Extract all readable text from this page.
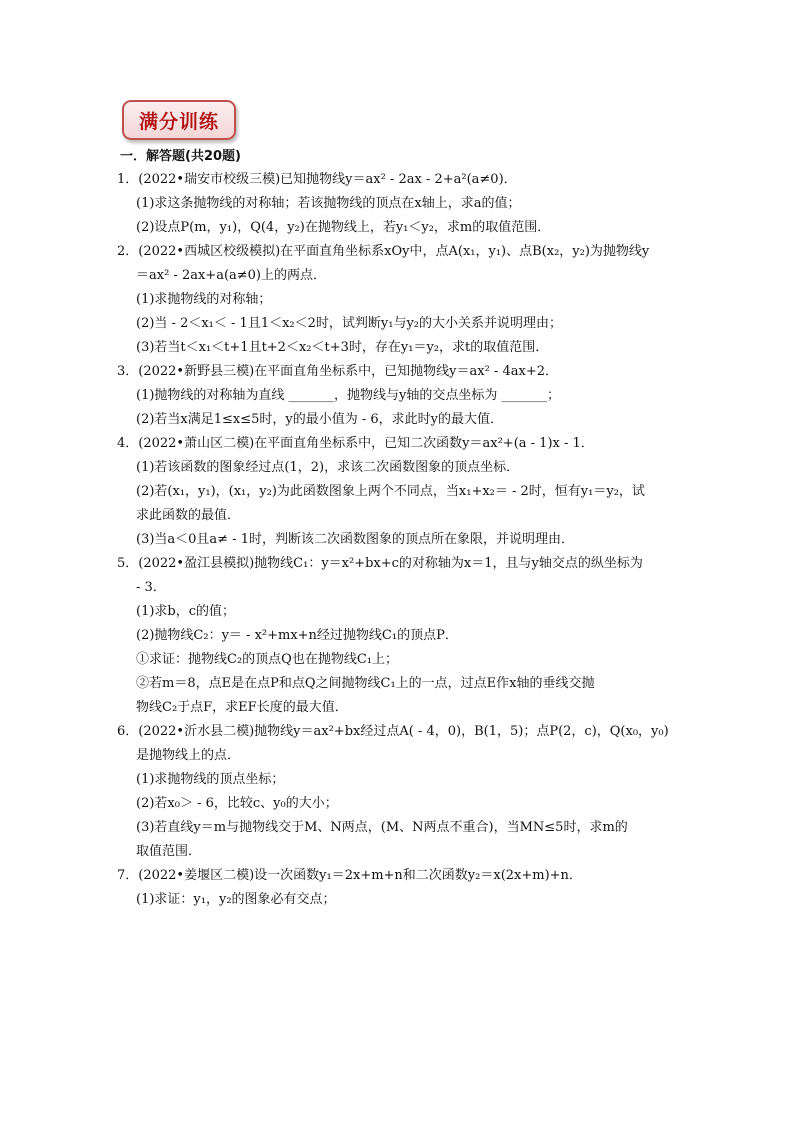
满分训练
一．解答题(共20题)
1．(2022•瑞安市校级三模)已知抛物线y＝ax² - 2ax - 2+a²(a≠0)．
(1)求这条抛物线的对称轴；若该抛物线的顶点在x轴上，求a的值；
(2)设点P(m，y₁)，Q(4，y₂)在抛物线上，若y₁＜y₂，求m的取值范围．
2．(2022•西城区校级模拟)在平面直角坐标系xOy中，点A(x₁，y₁)、点B(x₂，y₂)为抛物线y
＝ax² - 2ax+a(a≠0)上的两点．
(1)求抛物线的对称轴；
(2)当 - 2＜x₁＜ - 1且1＜x₂＜2时，试判断y₁与y₂的大小关系并说明理由；
(3)若当t＜x₁＜t+1且t+2＜x₂＜t+3时，存在y₁＝y₂，求t的取值范围．
3．(2022•新野县三模)在平面直角坐标系中，已知抛物线y＝ax² - 4ax+2．
(1)抛物线的对称轴为直线 _______，抛物线与y轴的交点坐标为 _______；
(2)若当x满足1≤x≤5时，y的最小值为 - 6，求此时y的最大值．
4．(2022•萧山区二模)在平面直角坐标系中，已知二次函数y＝ax²+(a - 1)x - 1．
(1)若该函数的图象经过点(1，2)，求该二次函数图象的顶点坐标．
(2)若(x₁，y₁)，(x₁，y₂)为此函数图象上两个不同点，当x₁+x₂＝ - 2时，恒有y₁＝y₂，试
求此函数的最值．
(3)当a＜0且a≠ - 1时，判断该二次函数图象的顶点所在象限，并说明理由．
5．(2022•盈江县模拟)抛物线C₁：y＝x²+bx+c的对称轴为x＝1，且与y轴交点的纵坐标为
- 3．
(1)求b，c的值；
(2)抛物线C₂：y＝ - x²+mx+n经过抛物线C₁的顶点P．
①求证：抛物线C₂的顶点Q也在抛物线C₁上；
②若m＝8，点E是在点P和点Q之间抛物线C₁上的一点，过点E作x轴的垂线交抛
物线C₂于点F，求EF长度的最大值．
6．(2022•沂水县二模)抛物线y＝ax²+bx经过点A( - 4，0)，B(1，5)；点P(2，c)，Q(x₀，y₀)
是抛物线上的点．
(1)求抛物线的顶点坐标；
(2)若x₀＞ - 6，比较c、y₀的大小；
(3)若直线y＝m与抛物线交于M、N两点，(M、N两点不重合)，当MN≤5时，求m的
取值范围．
7．(2022•姜堰区二模)设一次函数y₁＝2x+m+n和二次函数y₂＝x(2x+m)+n．
(1)求证：y₁，y₂的图象必有交点；
